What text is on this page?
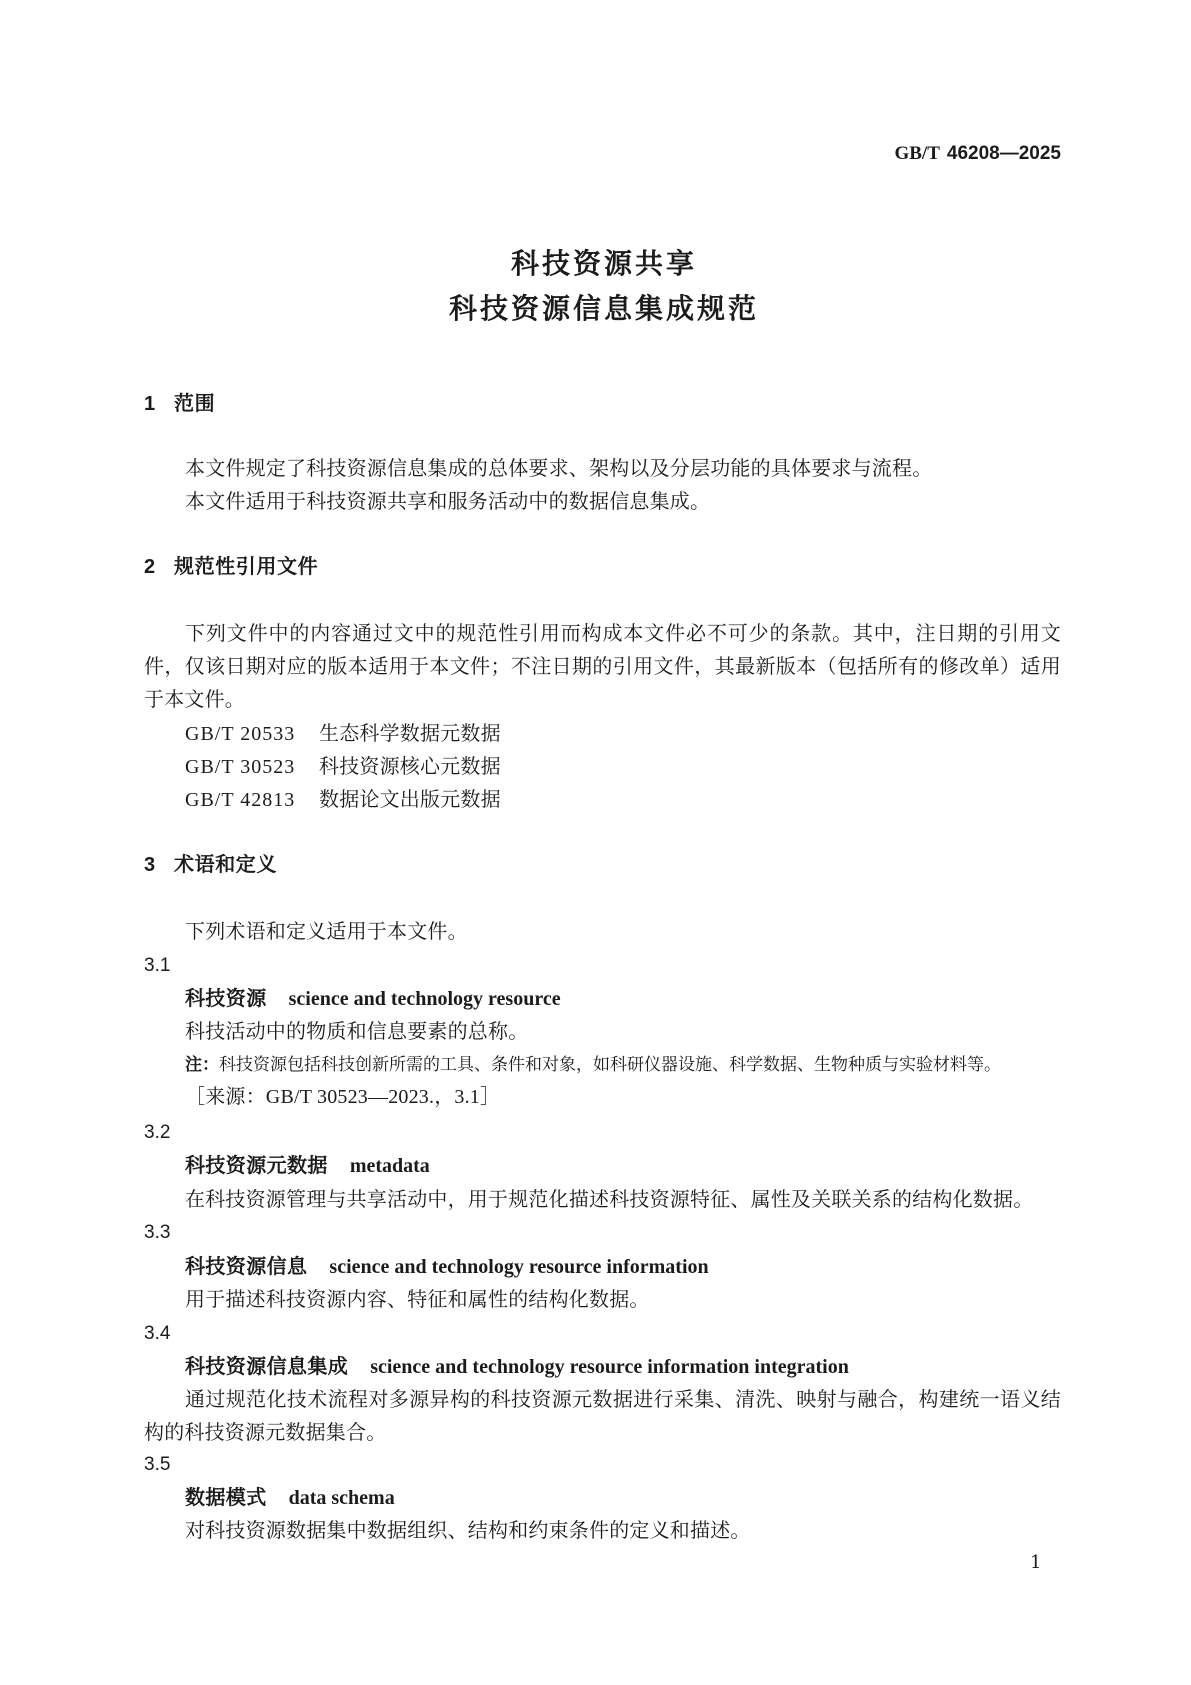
GB/T 46208—2025
科技资源共享
科技资源信息集成规范
1 范围

本文件规定了科技资源信息集成的总体要求、架构以及分层功能的具体要求与流程。

本文件适用于科技资源共享和服务活动中的数据信息集成。

2 规范性引用文件

下列文件中的内容通过文中的规范性引用而构成本文件必不可少的条款。其中，注日期的引用文件，仅该日期对应的版本适用于本文件；不注日期的引用文件，其最新版本（包括所有的修改单）适用于本文件。

GB/T 20533 生态科学数据元数据
GB/T 30523 科技资源核心元数据
GB/T 42813 数据论文出版元数据
3 术语和定义

下列术语和定义适用于本文件。

3.1
科技资源 science and technology resource

科技活动中的物质和信息要素的总称。

注：科技资源包括科技创新所需的工具、条件和对象，如科研仪器设施、科学数据、生物种质与实验材料等。
［来源：GB/T 30523—2023.，3.1］
3.2
科技资源元数据 metadata

在科技资源管理与共享活动中，用于规范化描述科技资源特征、属性及关联关系的结构化数据。

3.3
科技资源信息 science and technology resource information

用于描述科技资源内容、特征和属性的结构化数据。

3.4
科技资源信息集成 science and technology resource information integration

通过规范化技术流程对多源异构的科技资源元数据进行采集、清洗、映射与融合，构建统一语义结构的科技资源元数据集合。

3.5
数据模式 data schema

对科技资源数据集中数据组织、结构和约束条件的定义和描述。

1
